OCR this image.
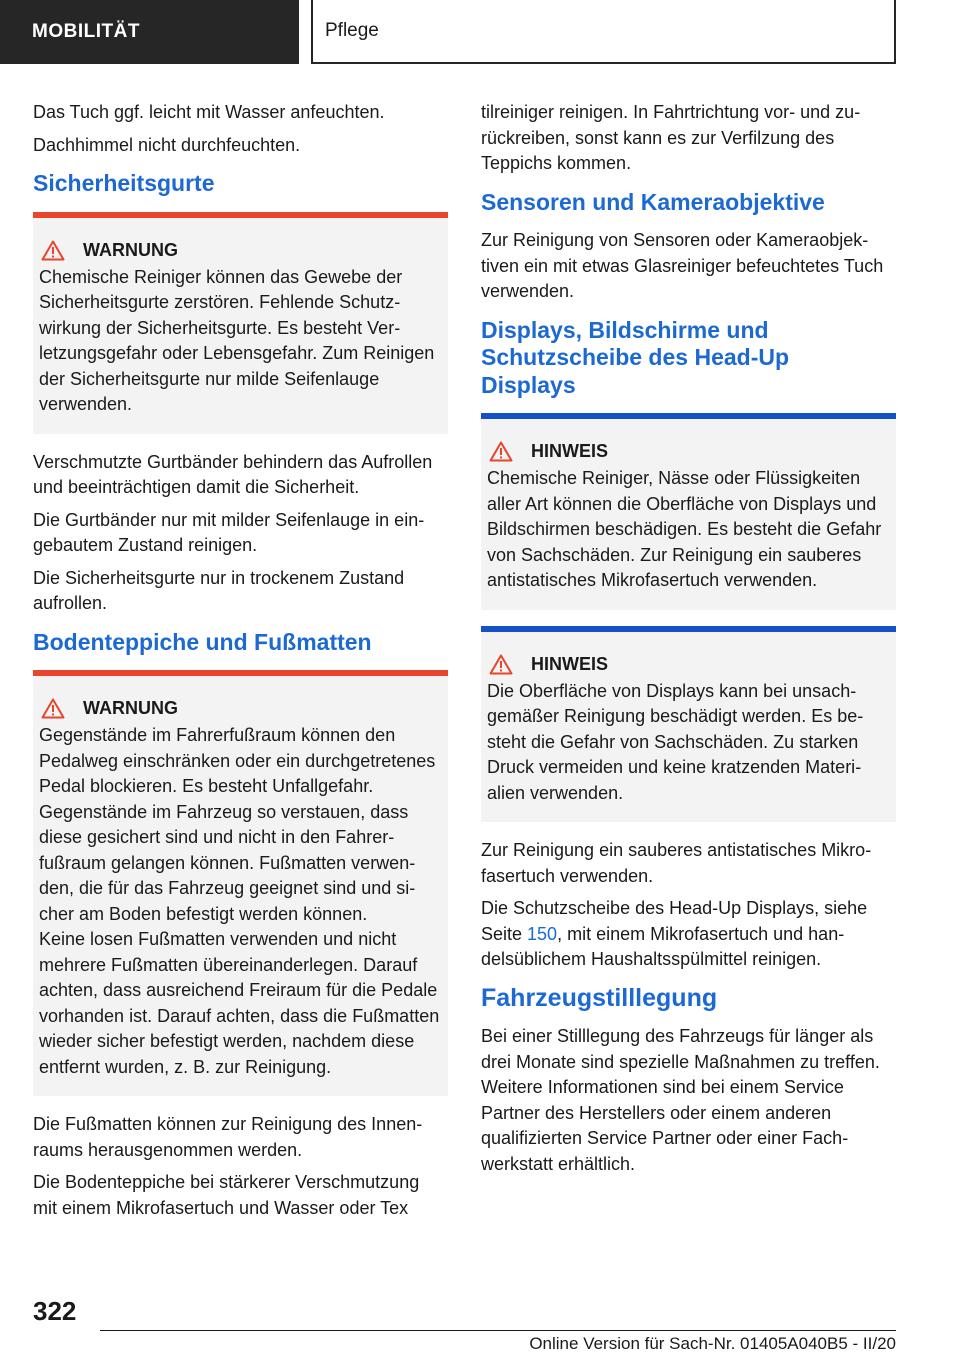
MOBILITÄT	Pflege

Das Tuch ggf. leicht mit Wasser anfeuchten.

Dachhimmel nicht durchfeuchten.

Sicherheitsgurte
WARNUNG

Chemische Reiniger können das Gewebe der Sicherheitsgurte zerstören. Fehlende Schutzwirkung der Sicherheitsgurte. Es besteht Verletzungsgefahr oder Lebensgefahr. Zum Reinigen der Sicherheitsgurte nur milde Seifenlauge verwenden.

Verschmutzte Gurtbänder behindern das Aufrollen und beeinträchtigen damit die Sicherheit.

Die Gurtbänder nur mit milder Seifenlauge in eingebautem Zustand reinigen.

Die Sicherheitsgurte nur in trockenem Zustand aufrollen.

Bodenteppiche und Fußmatten
WARNUNG

Gegenstände im Fahrerfußraum können den Pedalweg einschränken oder ein durchgetretenes Pedal blockieren. Es besteht Unfallgefahr. Gegenstände im Fahrzeug so verstauen, dass diese gesichert sind und nicht in den Fahrerfußraum gelangen können. Fußmatten verwenden, die für das Fahrzeug geeignet sind und sicher am Boden befestigt werden können.

Keine losen Fußmatten verwenden und nicht mehrere Fußmatten übereinanderlegen. Darauf achten, dass ausreichend Freiraum für die Pedale vorhanden ist. Darauf achten, dass die Fußmatten wieder sicher befestigt werden, nachdem diese entfernt wurden, z. B. zur Reinigung.

Die Fußmatten können zur Reinigung des Innenraums herausgenommen werden.

Die Bodenteppiche bei stärkerer Verschmutzung mit einem Mikrofasertuch und Wasser oder Tex

tilreiniger reinigen. In Fahrtrichtung vor- und zurückreiben, sonst kann es zur Verfilzung des Teppichs kommen.

Sensoren und Kameraobjektive

Zur Reinigung von Sensoren oder Kameraobjektiven ein mit etwas Glasreiniger befeuchtetes Tuch verwenden.

Displays, Bildschirme und Schutzscheibe des Head-Up Displays
HINWEIS

Chemische Reiniger, Nässe oder Flüssigkeiten aller Art können die Oberfläche von Displays und Bildschirmen beschädigen. Es besteht die Gefahr von Sachschäden. Zur Reinigung ein sauberes antistatisches Mikrofasertuch verwenden.

HINWEIS

Die Oberfläche von Displays kann bei unsachgemäßer Reinigung beschädigt werden. Es besteht die Gefahr von Sachschäden. Zu starken Druck vermeiden und keine kratzenden Materialien verwenden.

Zur Reinigung ein sauberes antistatisches Mikrofasertuch verwenden.

Die Schutzscheibe des Head-Up Displays, siehe Seite 150, mit einem Mikrofasertuch und handelsüblichem Haushaltsspülmittel reinigen.

Fahrzeugstilllegung

Bei einer Stilllegung des Fahrzeugs für länger als drei Monate sind spezielle Maßnahmen zu treffen. Weitere Informationen sind bei einem Service Partner des Herstellers oder einem anderen qualifizierten Service Partner oder einer Fachwerkstatt erhältlich.

322
Online Version für Sach-Nr. 01405A040B5 - II/20
